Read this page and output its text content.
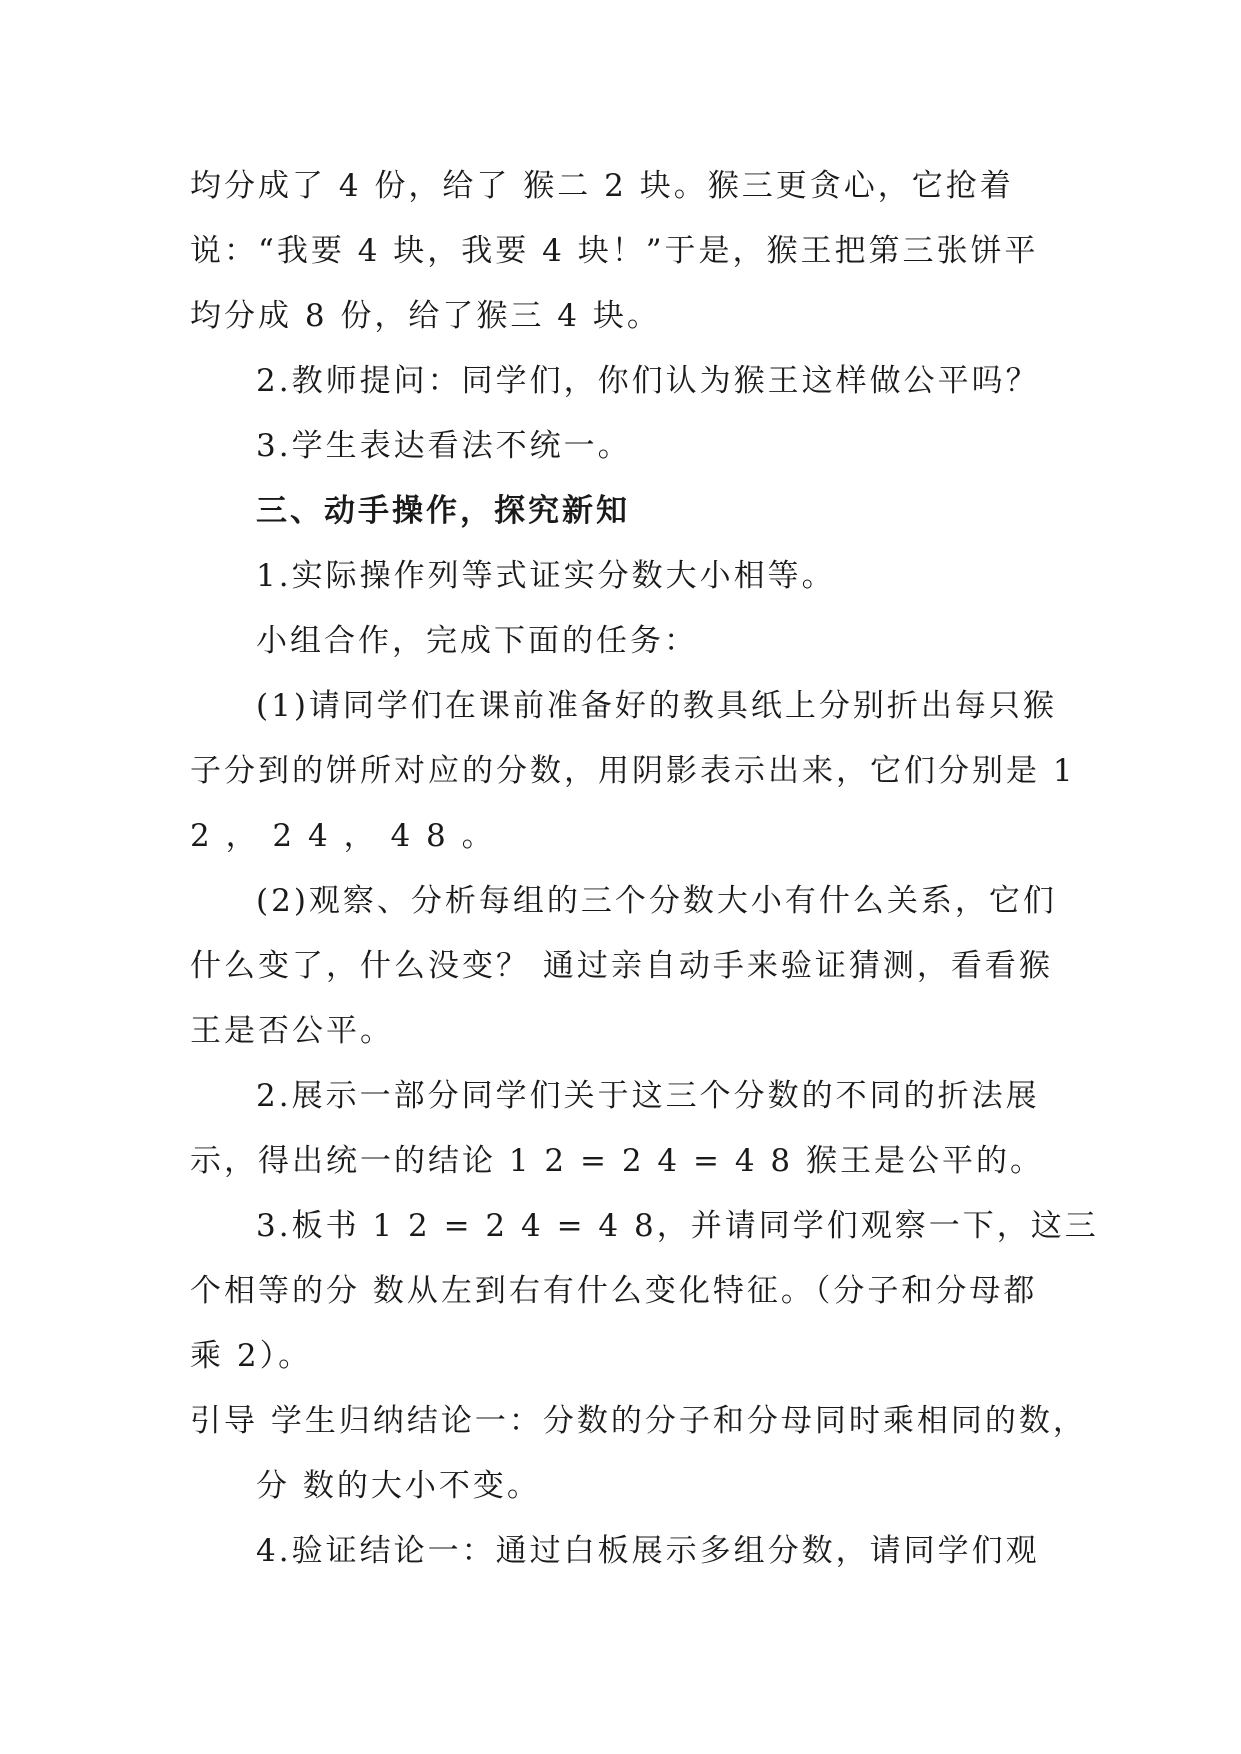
均分成了 4 份，给了 猴二 2 块。猴三更贪心，它抢着
说：“我要 4 块，我要 4 块！”于是，猴王把第三张饼平
均分成 8 份，给了猴三 4 块。
2.教师提问：同学们，你们认为猴王这样做公平吗？
3.学生表达看法不统一。
三、动手操作，探究新知
1.实际操作列等式证实分数大小相等。
小组合作，完成下面的任务：
(1)请同学们在课前准备好的教具纸上分别折出每只猴
子分到的饼所对应的分数，用阴影表示出来，它们分别是 1
2 ， 2 4 ， 4 8 。
(2)观察、分析每组的三个分数大小有什么关系，它们
什么变了，什么没变？ 通过亲自动手来验证猜测，看看猴
王是否公平。
2.展示一部分同学们关于这三个分数的不同的折法展
示，得出统一的结论 1 2 = 2 4 = 4 8 猴王是公平的。
3.板书 1 2 = 2 4 = 4 8，并请同学们观察一下，这三
个相等的分 数从左到右有什么变化特征。（分子和分母都
乘 2）。
引导 学生归纳结论一：分数的分子和分母同时乘相同的数，
分 数的大小不变。
4.验证结论一：通过白板展示多组分数，请同学们观
